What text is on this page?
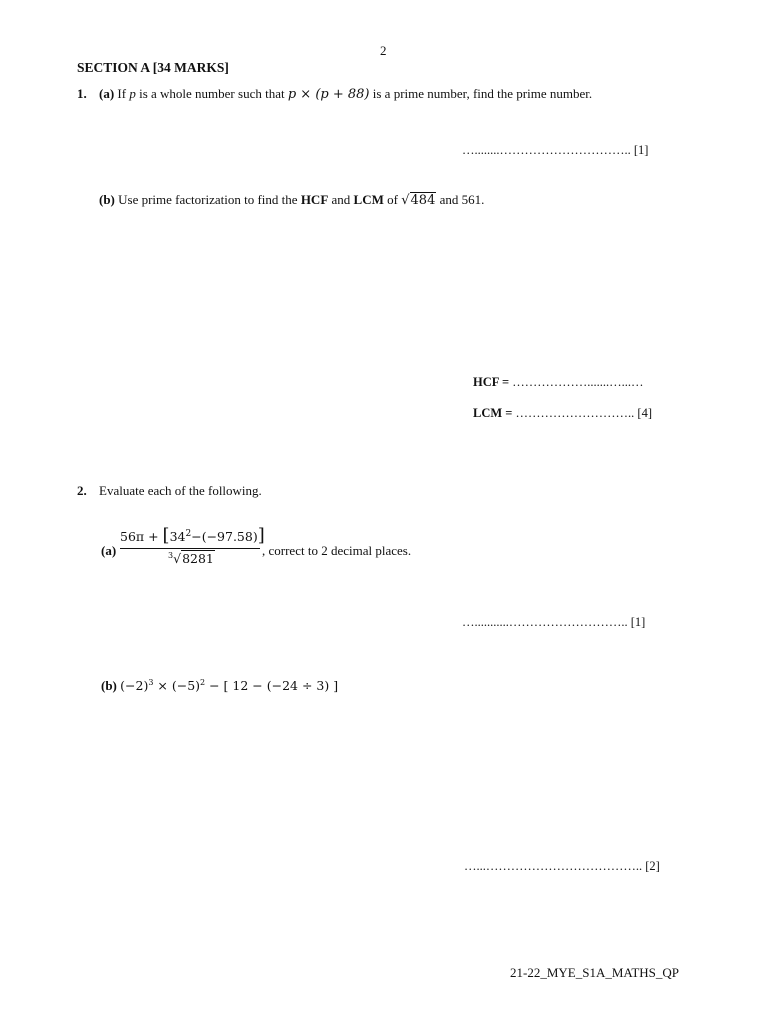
2
SECTION A [34 MARKS]
1. (a) If p is a whole number such that p × (p + 88) is a prime number, find the prime number.
…........………………………….. [1]
(b) Use prime factorization to find the HCF and LCM of √484 and 561.
HCF = ……………….......…...…
LCM = ……………………….. [4]
2. Evaluate each of the following.
(a)
$56\pi + [34^2-(-97.58)]$
$^3$√8281
, correct to 2 decimal places.
…...........……………………….. [1]
(b) $(-2)^3 \times (-5)^2$ − [ 12 − (−24 ÷ 3) ]
…...……………………………….. [2]
21-22_MYE_S1A_MATHS_QP
